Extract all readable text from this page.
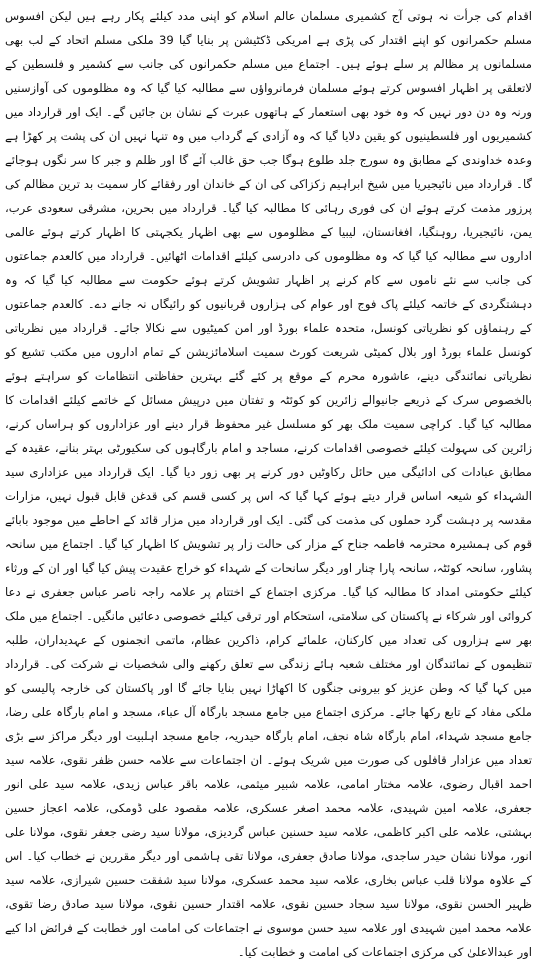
اقدام کی جرأت نہ ہوتی آج کشمیری مسلمان عالم اسلام کو اپنی مدد کیلئے پکار رہے ہیں لیکن افسوس مسلم حکمرانوں کو اپنے اقتدار کی پڑی ہے امریکی ڈکٹیشن پر بنایا گیا 39 ملکی مسلم اتحاد کے لب بھی مسلمانوں پر مظالم پر سلے ہوئے ہیں۔ اجتماع میں مسلم حکمرانوں کی جانب سے کشمیر و فلسطین کے لاتعلقی پر اظہار افسوس کرتے ہوئے مسلمان فرمانرواؤں سے مطالبہ کیا گیا کہ وہ مظلوموں کی آوازسنیں ورنہ وہ دن دور نہیں کہ وہ خود بھی استعمار کے ہاتھوں عبرت کے نشان بن جائیں گے۔ ایک اور قرارداد میں کشمیریوں اور فلسطینیوں کو یقین دلایا گیا کہ وہ آزادی کے گرداب میں وہ تنہا نہیں ان کی پشت پر کھڑا ہے وعدہ خداوندی کے مطابق وہ سورج جلد طلوع ہوگا جب حق غالب آئے گا اور ظلم و جبر کا سر نگوں ہوجائے گا۔ قرارداد میں نائیجیریا میں شیخ ابراہیم زکزاکی کی ان کے خاندان اور رفقائے کار سمیت بد ترین مظالم کی پرزور مذمت کرتے ہوئے ان کی فوری رہائی کا مطالبہ کیا گیا۔ قرارداد میں بحرین، مشرقی سعودی عرب، یمن، نائیجیریا، روہنگیا، افغانستان، لیبیا کے مظلوموں سے بھی اظہار یکجہتی کا اظہار کرتے ہوئے عالمی اداروں سے مطالبہ کیا گیا کہ وہ مظلوموں کی دادرسی کیلئے اقدامات اٹھائیں۔ قرارداد میں کالعدم جماعتوں کی جانب سے نئے ناموں سے کام کرنے پر اظہار تشویش کرتے ہوئے حکومت سے مطالبہ کیا گیا کہ وہ دہشتگردی کے خاتمہ کیلئے پاک فوج اور عوام کی ہزاروں قربانیوں کو رائیگاں نہ جانے دے۔ کالعدم جماعتوں کے رہنماؤں کو نظریاتی کونسل، متحدہ علماء بورڈ اور امن کمیٹیوں سے نکالا جائے۔ قرارداد میں نظریاتی کونسل علماء بورڈ اور بلال کمیٹی شریعت کورٹ سمیت اسلامائزیشن کے تمام اداروں میں مکتب تشیع کو نظریاتی نمائندگی دینے، عاشورہ محرم کے موقع پر کئے گئے بہترین حفاظتی انتظامات کو سراہتے ہوئے بالخصوص سرک کے ذریعے جانیوالے زائرین کو کوئٹہ و تفتان میں درپیش مسائل کے خاتمے کیلئے اقدامات کا مطالبہ کیا گیا۔ کراچی سمیت ملک بھر کو مسلسل غیر محفوظ قرار دینے اور عزاداروں کو ہراساں کرنے، زائرین کی سہولت کیلئے خصوصی اقدامات کرنے، مساجد و امام بارگاہوں کی سکیورٹی بہتر بنانے، عقیدہ کے مطابق عبادات کی ادائیگی میں حائل رکاوٹیں دور کرنے پر بھی زور دیا گیا۔ ایک قرارداد میں عزاداری سید الشہداء کو شیعہ اساس قرار دیتے ہوئے کہا گیا کہ اس پر کسی قسم کی قدغن قابل قبول نہیں، مزارات مقدسہ پر دہشت گرد حملوں کی مذمت کی گئی۔ ایک اور قرارداد میں مزار قائد کے احاطے میں موجود بابائے قوم کی ہمشیرہ محترمہ فاطمہ جناح کے مزار کی حالت زار پر تشویش کا اظہار کیا گیا۔ اجتماع میں سانحہ پشاور، سانحہ کوئٹہ، سانحہ پارا چنار اور دیگر سانحات کے شہداء کو خراج عقیدت پیش کیا گیا اور ان کے ورثاء کیلئے حکومتی امداد کا مطالبہ کیا گیا۔ مرکزی اجتماع کے اختتام پر علامہ راجہ ناصر عباس جعفری نے دعا کروائی اور شرکاء نے پاکستان کی سلامتی، استحکام اور ترقی کیلئے خصوصی دعائیں مانگیں۔ اجتماع میں ملک بھر سے ہزاروں کی تعداد میں کارکنان، علمائے کرام، ذاکرین عظام، ماتمی انجمنوں کے عہدیداران، طلبہ تنظیموں کے نمائندگان اور مختلف شعبہ ہائے زندگی سے تعلق رکھنے والی شخصیات نے شرکت کی۔ قرارداد میں کہا گیا کہ وطن عزیز کو بیرونی جنگوں کا اکھاڑا نہیں بنایا جائے گا اور پاکستان کی خارجہ پالیسی کو ملکی مفاد کے تابع رکھا جائے۔ مرکزی اجتماع میں جامع مسجد بارگاہ آل عباء، مسجد و امام بارگاہ علی رضا، جامع مسجد شہداء، امام بارگاہ شاہ نجف، امام بارگاہ حیدریہ، جامع مسجد اہلبیت اور دیگر مراکز سے بڑی تعداد میں عزادار قافلوں کی صورت میں شریک ہوئے۔ ان اجتماعات سے علامہ حسن ظفر نقوی، علامہ سید احمد اقبال رضوی، علامہ مختار امامی، علامہ شبیر میثمی، علامہ باقر عباس زیدی، علامہ سید علی انور جعفری، علامہ امین شہیدی، علامہ محمد اصغر عسکری، علامہ مقصود علی ڈومکی، علامہ اعجاز حسین بہشتی، علامہ علی اکبر کاظمی، علامہ سید حسنین عباس گردیزی، مولانا سید رضی جعفر نقوی، مولانا علی انور، مولانا نشان حیدر ساجدی، مولانا صادق جعفری، مولانا تقی ہاشمی اور دیگر مقررین نے خطاب کیا۔ اس کے علاوہ مولانا قلب عباس بخاری، علامہ سید محمد عسکری، مولانا سید شفقت حسین شیرازی، علامہ سید ظہیر الحسن نقوی، مولانا سید سجاد حسین نقوی، علامہ اقتدار حسین نقوی، مولانا سید صادق رضا تقوی، علامہ محمد امین شہیدی اور علامہ سید حسن موسوی نے اجتماعات کی امامت اور خطابت کے فرائض ادا کیے اور عبدالاعلیٰ کی مرکزی اجتماعات کی امامت و خطابت کیا۔
